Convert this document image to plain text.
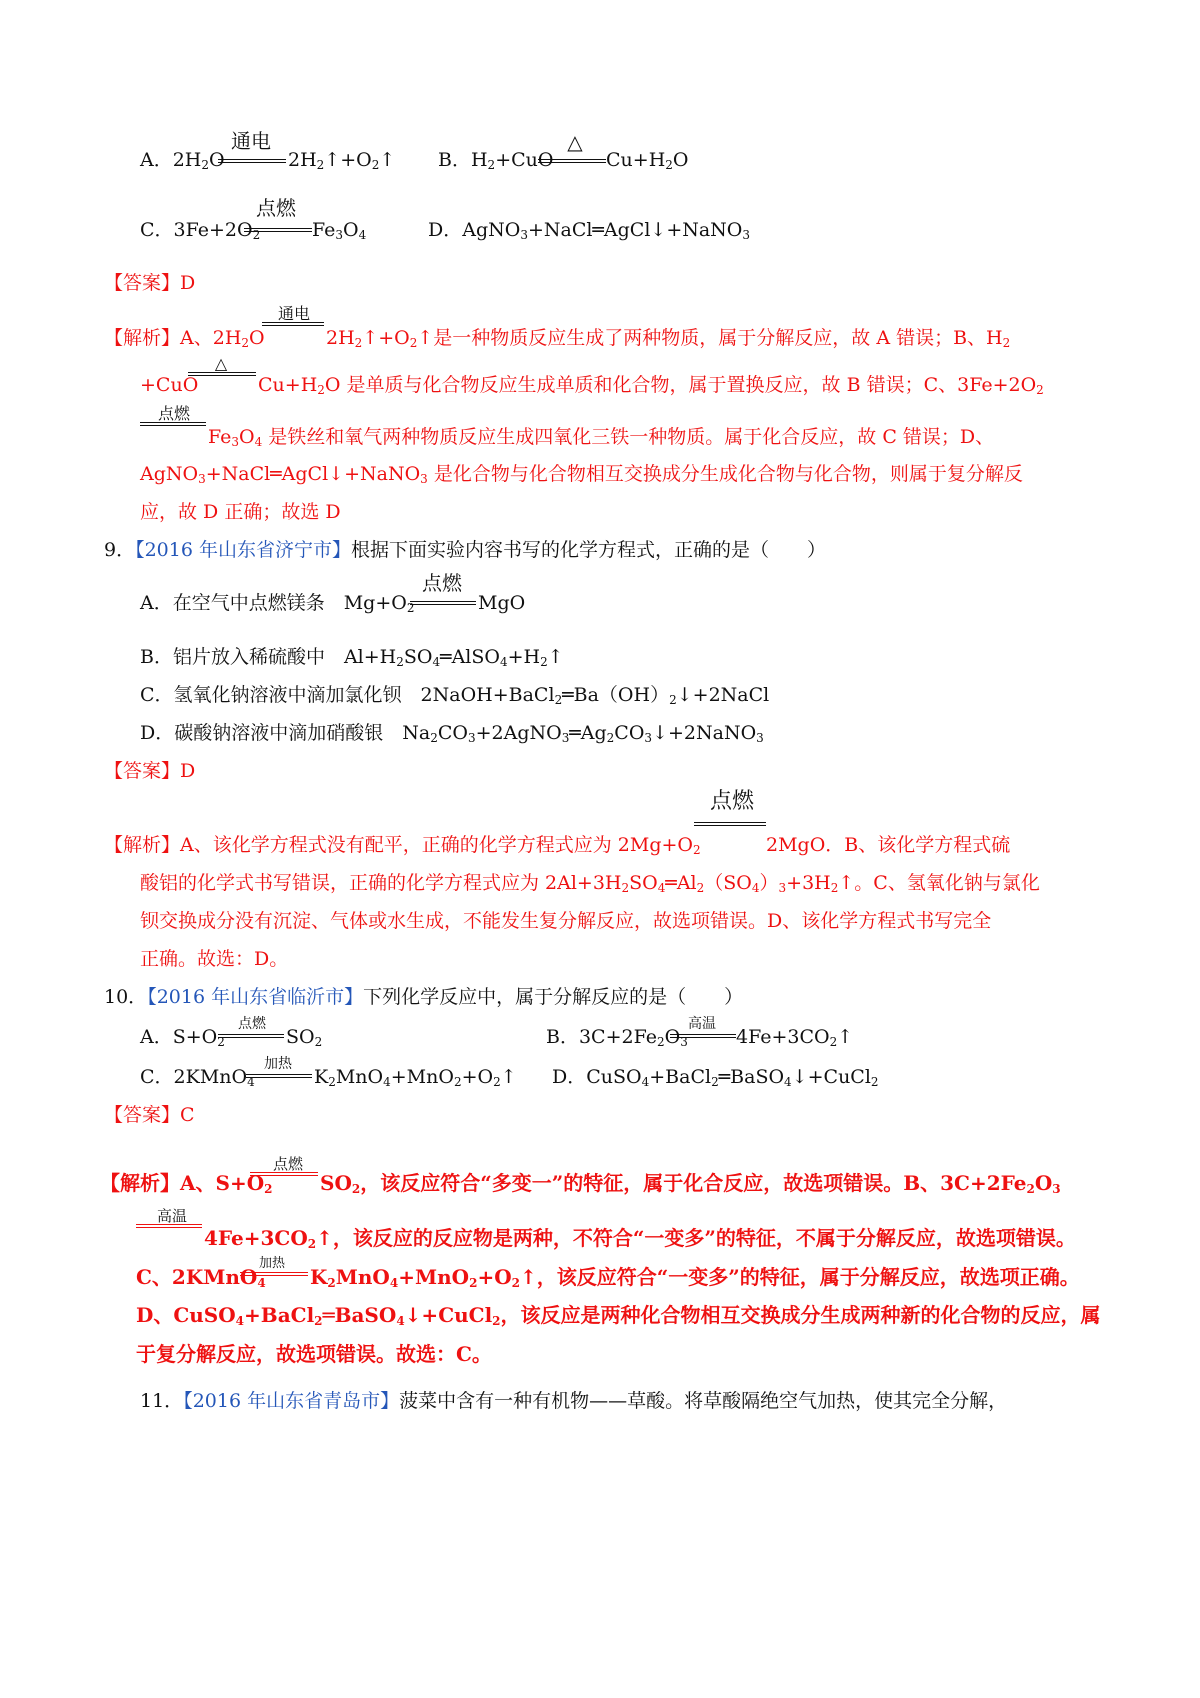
A．$2H_2O$
通电
$2H_2↑+O_2↑$ B．$H_2+CuO$
△
$Cu+H_2O$
C．$3Fe+2O_2$
点燃
$Fe_3O_4$	D．AgNO$_3$+NaCl═AgCl↓+NaNO$_3$
【答案】D
【解析】A、$2H_2O$
通电
$2H_2↑+O_2↑$是一种物质反应生成了两种物质，属于分解反应，故 A 错误；B、$H_2$
+CuO
△
$Cu+H_2O$ 是单质与化合物反应生成单质和化合物，属于置换反应，故 B 错误；C、$3Fe+2O_2$
点燃
$Fe_3O_4$ 是铁丝和氧气两种物质反应生成四氧化三铁一种物质。属于化合反应，故 C 错误；D、
AgNO$_3$+NaCl═AgCl↓+NaNO$_3$ 是化合物与化合物相互交换成分生成化合物与化合物，则属于复分解反
应，故 D 正确；故选 D
9．【2016 年山东省济宁市】根据下面实验内容书写的化学方程式，正确的是（　　）
A．在空气中点燃镁条　$Mg+O_2$
点燃
MgO
B．铝片放入稀硫酸中　$Al+H_2SO_4═AlSO_4+H_2↑$
C．氢氧化钠溶液中滴加氯化钡　$2NaOH+BaCl_2═Ba(OH)_2↓+2NaCl$
D．碳酸钠溶液中滴加硝酸银　$Na_2CO_3+2AgNO_3═Ag_2CO_3↓+2NaNO_3$
【答案】D
点燃
【解析】A、该化学方程式没有配平，正确的化学方程式应为 $2Mg+O_2$	2MgO．B、该化学方程式硫
酸铝的化学式书写错误，正确的化学方程式应为 $2Al+3H_2SO_4═Al_2(SO_4)_3+3H_2↑$。C、氢氧化钠与氯化
钡交换成分没有沉淀、气体或水生成，不能发生复分解反应，故选项错误。D、该化学方程式书写完全
正确。故选：D。
10．【2016 年山东省临沂市】下列化学反应中，属于分解反应的是（　　）
A．$S+O_2$
点燃
$SO_2$	B．$3C+2Fe_2O_3$
高温
$4Fe+3CO_2↑$
C．2KMnO$_4$
加热
$K_2MnO_4+MnO_2+O_2↑$ D．CuSO$_4$+BaCl$_2$═BaSO$_4$↓+CuCl$_2$
【答案】C
【解析】A、$S+O_2$
点燃
$SO_2$，该反应符合“多变一”的特征，属于化合反应，故选项错误。B、$3C+2Fe_2O_3$
高温
$4Fe+3CO_2↑$，该反应的反应物是两种，不符合“一变多”的特征，不属于分解反应，故选项错误。
C、2KMnO$_4$
加热
$K_2MnO_4+MnO_2+O_2↑$，该反应符合“一变多”的特征，属于分解反应，故选项正确。
D、CuSO$_4$+BaCl$_2$═BaSO$_4$↓+CuCl$_2$，该反应是两种化合物相互交换成分生成两种新的化合物的反应，属
于复分解反应，故选项错误。故选：C。
11．【2016 年山东省青岛市】菠菜中含有一种有机物——草酸。将草酸隔绝空气加热，使其完全分解，
